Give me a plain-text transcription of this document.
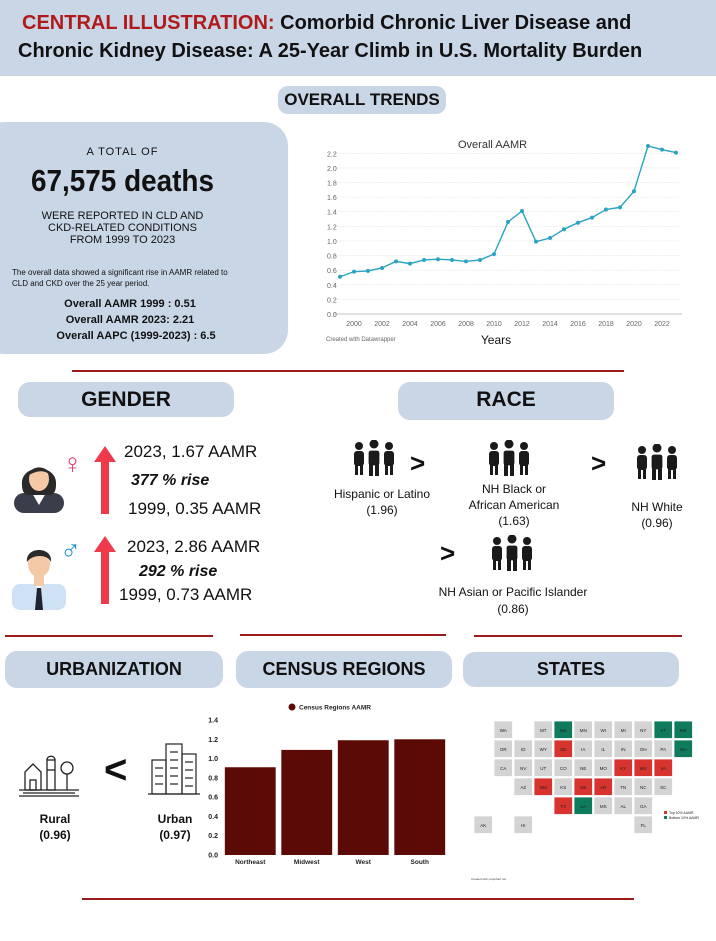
CENTRAL ILLUSTRATION: Comorbid Chronic Liver Disease and
Chronic Kidney Disease: A 25-Year Climb in U.S. Mortality Burden
OVERALL TRENDS
A TOTAL OF
67,575 deaths
WERE REPORTED IN CLD AND
CKD-RELATED CONDITIONS
FROM 1999 TO 2023
The overall data showed a significant rise in AAMR related to
CLD and CKD over the 25 year period.
Overall AAMR 1999 : 0.51
Overall AAMR 2023: 2.21
Overall AAPC (1999-2023) : 6.5
0.0
0.2
0.4
0.6
0.8
1.0
1.2
1.4
1.6
1.8
2.0
2.2
2000 2002 2004 2006 2008 2010 2012 2014 2016 2018 2020 2022
Overall AAMR
Years
Created with Datawrapper
GENDER
♀ 2023, 1.67 AAMR
377 % rise
1999, 0.35 AAMR
♂	2023, 2.86 AAMR
292 % rise
1999, 0.73 AAMR
RACE
>	>
>
Hispanic or Latino
(1.96)
NH Black or
African American
(1.63)
NH White
(0.96)
NH Asian or Pacific Islander
(0.86)
URBANIZATION
<
Rural
(0.96)
Urban
(0.97)
CENSUS REGIONS
Census Regions AAMR
0.0
0.2
0.4
0.6
0.8
1.0
1.2
1.4
Northeast	Midwest	West	South
STATES
WA
OR
CA	NV
ID
MT
WY
UT
AZ
CO
NM
ND
SD
NE
KS	OK
TX
MN
IA
MO
AR
LA
WI
IL
MS	AL
MI
IN
KY
TN
GA
FL
OH
WV	VA
NC	SC
PA
NY	ME
VT
NH
AK	HI
Top 10% AAMR
Bottom 10% AAMR
Created with mapchart.net
